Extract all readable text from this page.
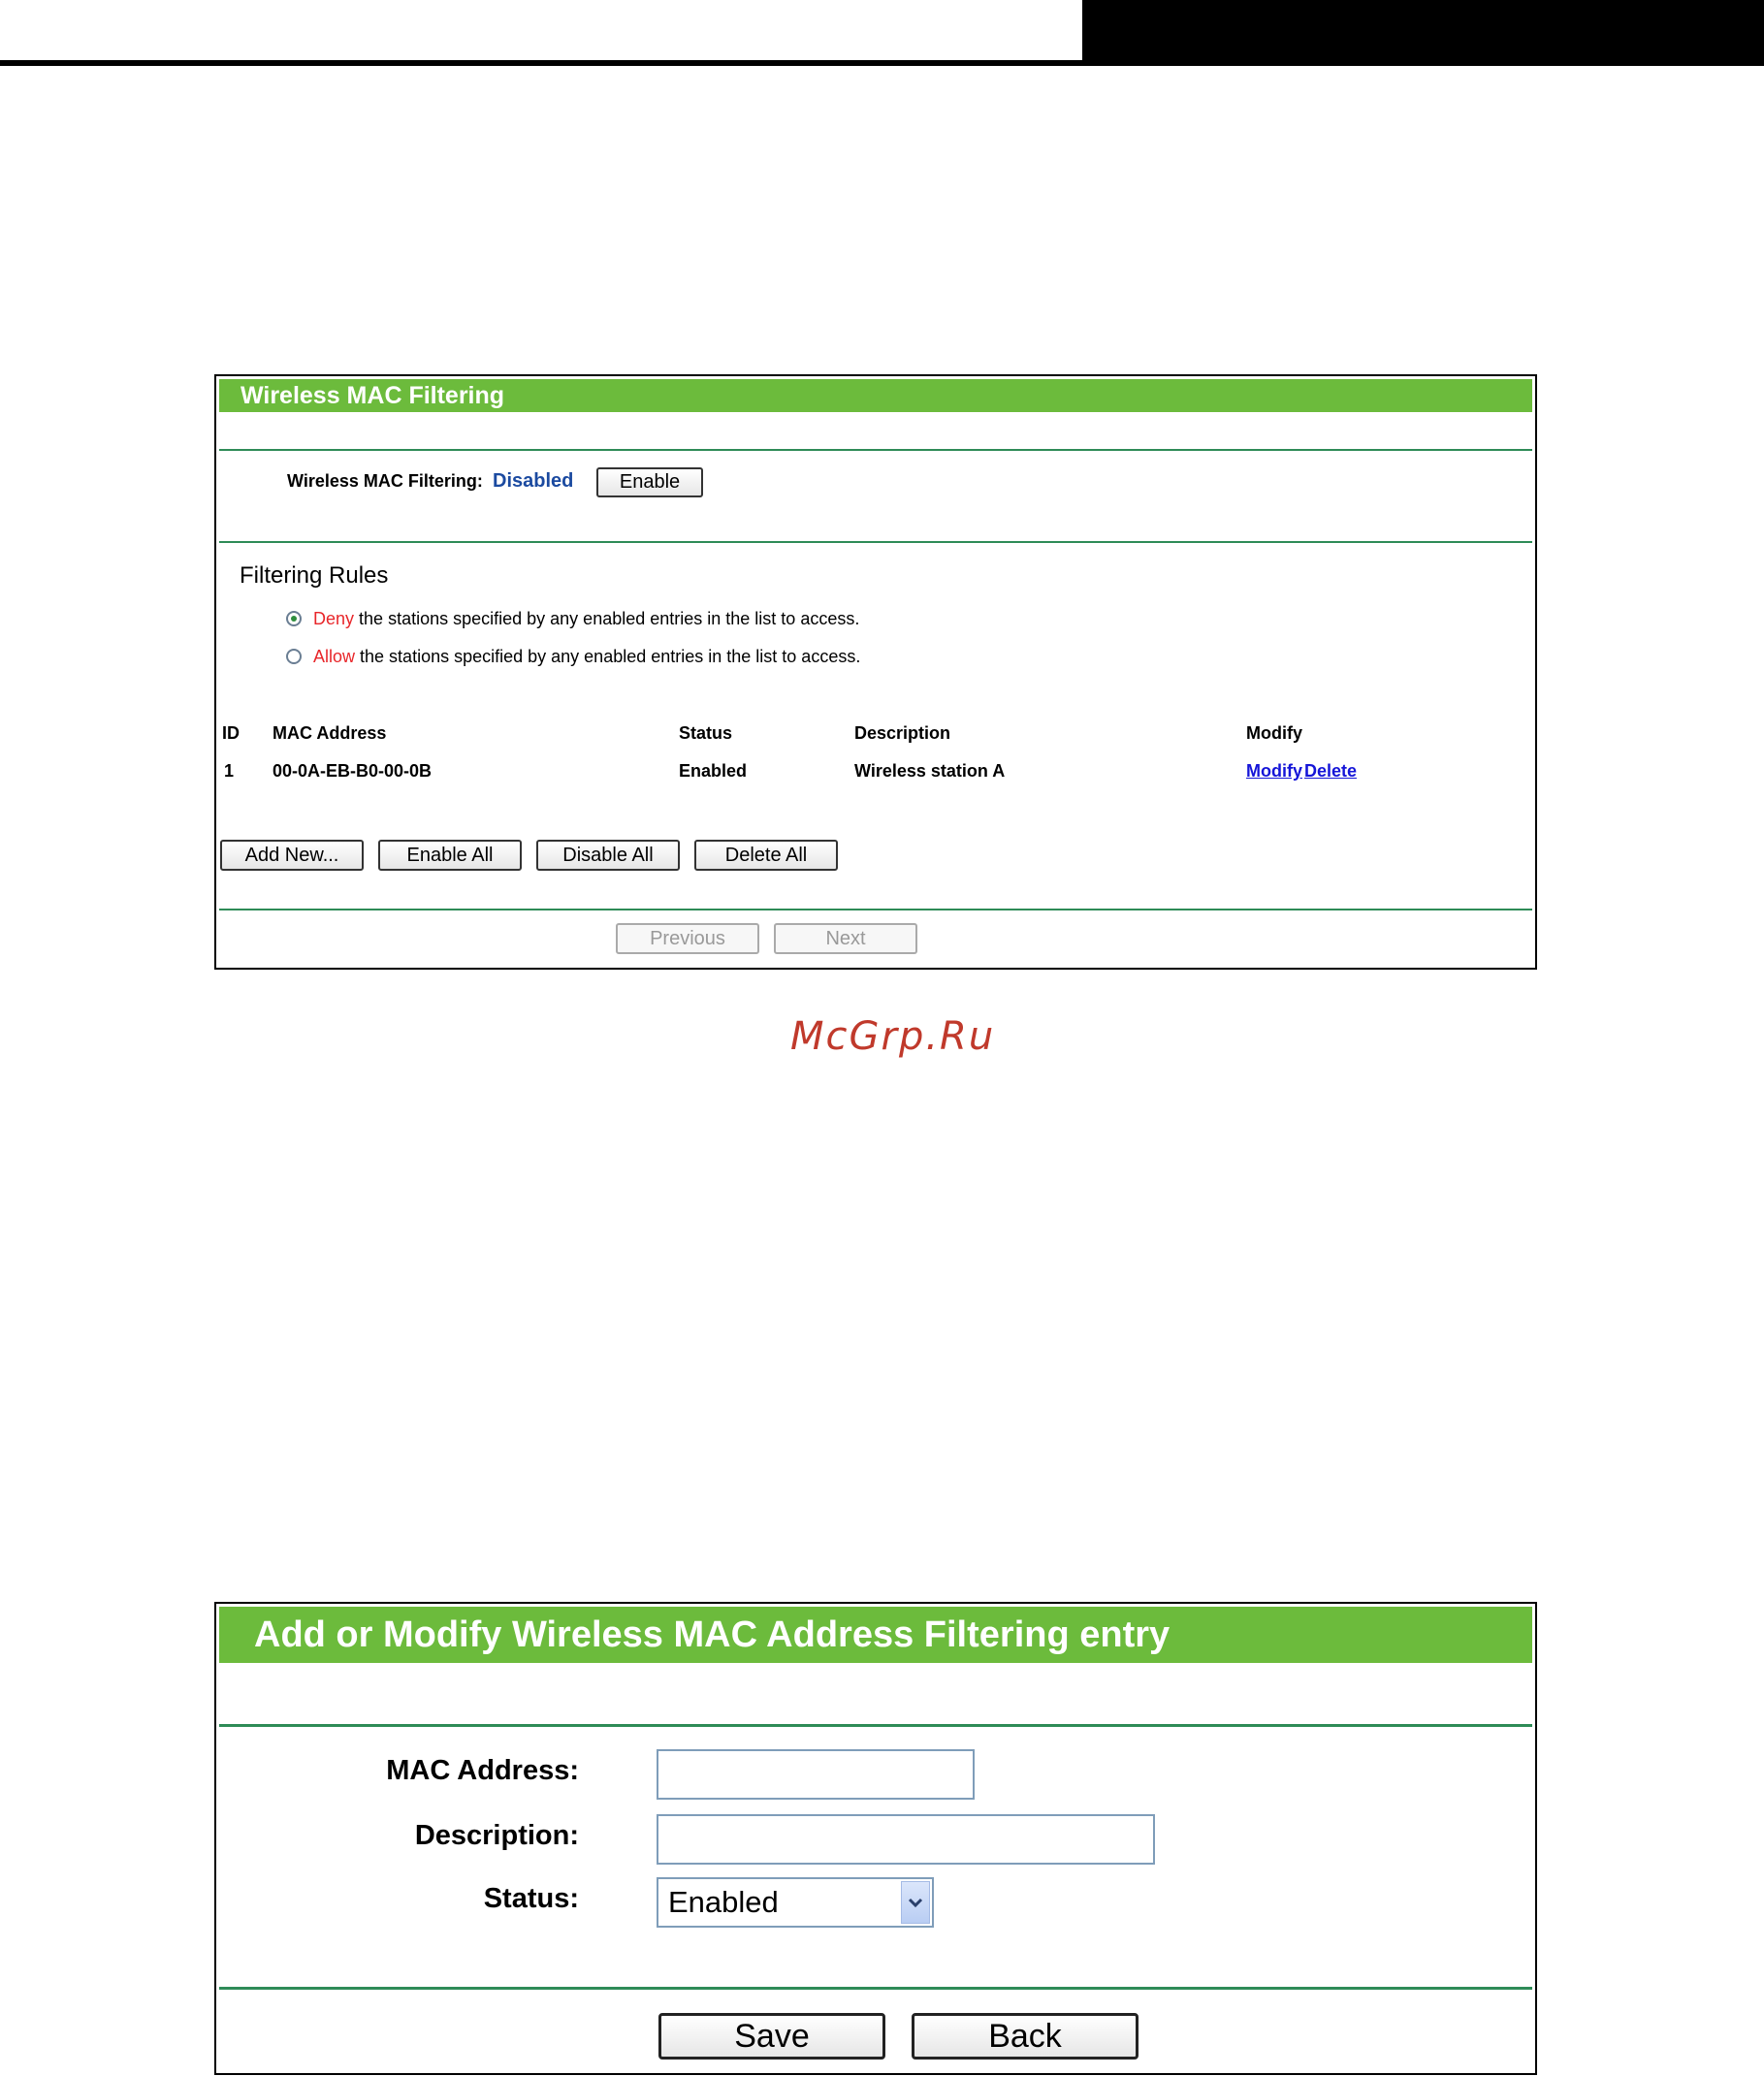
Wireless MAC Filtering
Wireless MAC Filtering: Disabled	Enable
Filtering Rules
Deny the stations specified by any enabled entries in the list to access.
Allow the stations specified by any enabled entries in the list to access.
ID MAC Address	Status	Description	Modify
1 00-0A-EB-B0-00-0B	Enabled	Wireless station A	Modify Delete
Add New...	Enable All	Disable All	Delete All
Previous	Next
McGrp.Ru
Add or Modify Wireless MAC Address Filtering entry
MAC Address:
Description:
Status:	Enabled
Save	Back
